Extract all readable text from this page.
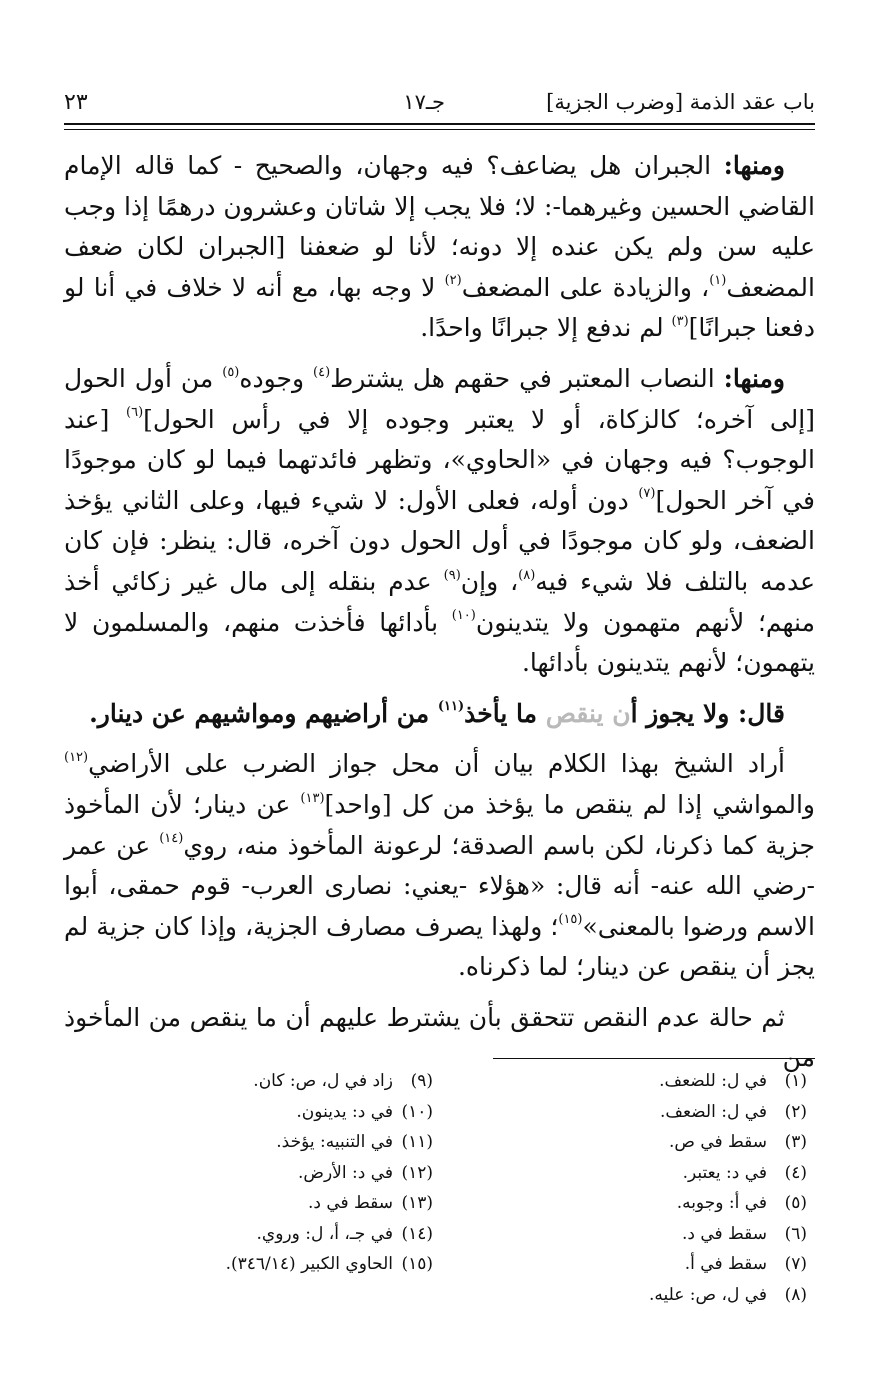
باب عقد الذمة [وضرب الجزية]
جـ١٧
٢٣

ومنها: الجبران هل يضاعف؟ فيه وجهان، والصحيح - كما قاله الإمام القاضي الحسين وغيرهما-: لا؛ فلا يجب إلا شاتان وعشرون درهمًا إذا وجب عليه سن ولم يكن عنده إلا دونه؛ لأنا لو ضعفنا [الجبران لكان ضعف المضعف$^{(١)}$، والزيادة على المضعف$^{(٢)}$ لا وجه بها، مع أنه لا خلاف في أنا لو دفعنا جبرانًا]$^{(٣)}$ لم ندفع إلا جبرانًا واحدًا.

ومنها: النصاب المعتبر في حقهم هل يشترط$^{(٤)}$ وجوده$^{(٥)}$ من أول الحول [إلى آخره؛ كالزكاة، أو لا يعتبر وجوده إلا في رأس الحول]$^{(٦)}$ [عند الوجوب؟ فيه وجهان في «الحاوي»، وتظهر فائدتهما فيما لو كان موجودًا في آخر الحول]$^{(٧)}$ دون أوله، فعلى الأول: لا شيء فيها، وعلى الثاني يؤخذ الضعف، ولو كان موجودًا في أول الحول دون آخره، قال: ينظر: فإن كان عدمه بالتلف فلا شيء فيه$^{(٨)}$، وإن$^{(٩)}$ عدم بنقله إلى مال غير زكائي أخذ منهم؛ لأنهم متهمون ولا يتدينون$^{(١٠)}$ بأدائها فأخذت منهم، والمسلمون لا يتهمون؛ لأنهم يتدينون بأدائها.

قال: ولا يجوز أن ينقص ما يأخذ$^{(١١)}$ من أراضيهم ومواشيهم عن دينار.

أراد الشيخ بهذا الكلام بيان أن محل جواز الضرب على الأراضي$^{(١٢)}$ والمواشي إذا لم ينقص ما يؤخذ من كل [واحد]$^{(١٣)}$ عن دينار؛ لأن المأخوذ جزية كما ذكرنا، لكن باسم الصدقة؛ لرعونة المأخوذ منه، روي$^{(١٤)}$ عن عمر -رضي الله عنه- أنه قال: «هؤلاء -يعني: نصارى العرب- قوم حمقى، أبوا الاسم ورضوا بالمعنى»$^{(١٥)}$؛ ولهذا يصرف مصارف الجزية، وإذا كان جزية لم يجز أن ينقص عن دينار؛ لما ذكرناه.

ثم حالة عدم النقص تتحقق بأن يشترط عليهم أن ما ينقص من المأخوذ من

(١)في ل: للضعف.
(٢)في ل: الضعف.
(٣)سقط في ص.
(٤)في د: يعتبر.
(٥)في أ: وجوبه.
(٦)سقط في د.
(٧)سقط في أ.
(٨)في ل، ص: عليه.
(٩)زاد في ل، ص: كان.
(١٠)في د: يدينون.
(١١)في التنبيه: يؤخذ.
(١٢)في د: الأرض.
(١٣)سقط في د.
(١٤)في جـ، أ، ل: وروي.
(١٥)الحاوي الكبير (٣٤٦/١٤).
